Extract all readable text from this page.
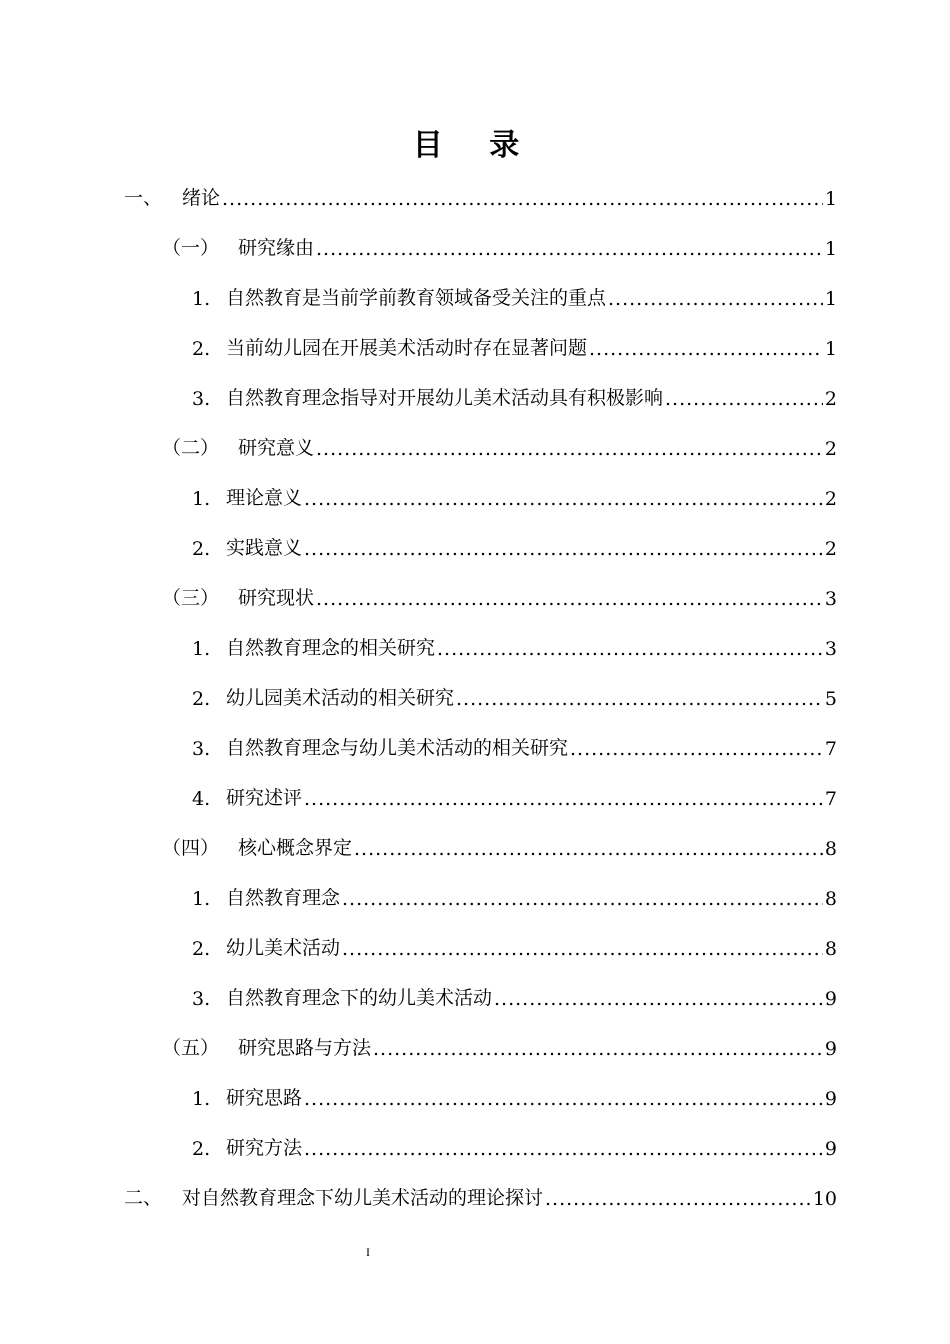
目 录
一、	绪论 .....	1
（一） 研究缘由 .....	1
1. 自然教育是当前学前教育领域备受关注的重点 .....	1
2. 当前幼儿园在开展美术活动时存在显著问题 .....	1
3. 自然教育理念指导对开展幼儿美术活动具有积极影响 .....	2
（二） 研究意义 .....	2
1. 理论意义 .....	2
2. 实践意义 .....	2
（三） 研究现状 .....	3
1. 自然教育理念的相关研究 .....	3
2. 幼儿园美术活动的相关研究 .....	5
3. 自然教育理念与幼儿美术活动的相关研究 .....	7
4. 研究述评 .....	7
（四） 核心概念界定 .....	8
1. 自然教育理念 .....	8
2. 幼儿美术活动 .....	8
3. 自然教育理念下的幼儿美术活动 .....	9
（五） 研究思路与方法 .....	9
1. 研究思路 .....	9
2. 研究方法 .....	9
二、	对自然教育理念下幼儿美术活动的理论探讨 .....	10
I
